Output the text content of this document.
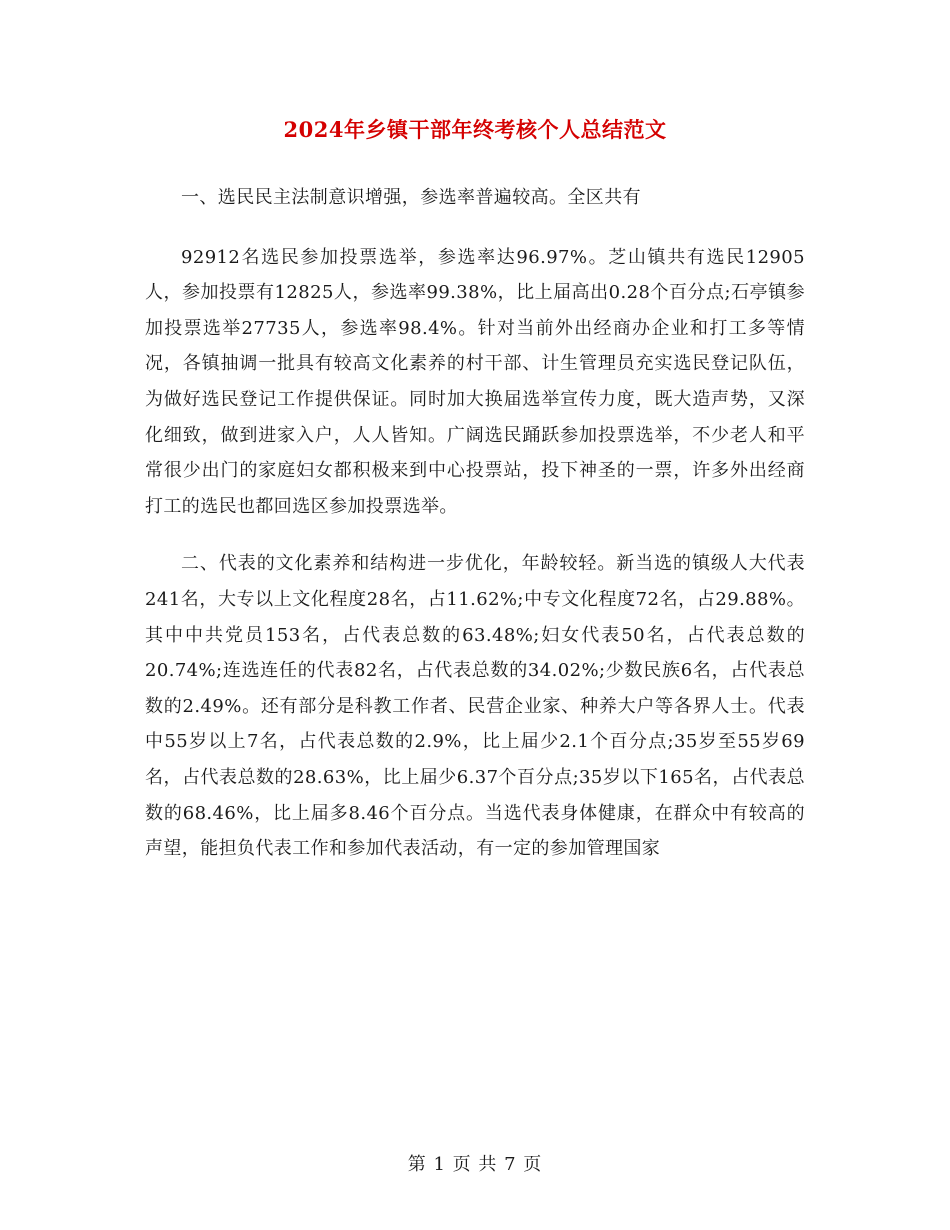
2024年乡镇干部年终考核个人总结范文

一、选民民主法制意识增强，参选率普遍较高。全区共有

92912名选民参加投票选举，参选率达96.97%。芝山镇共有选民12905人，参加投票有12825人，参选率99.38%，比上届高出0.28个百分点;石亭镇参加投票选举27735人，参选率98.4%。针对当前外出经商办企业和打工多等情况，各镇抽调一批具有较高文化素养的村干部、计生管理员充实选民登记队伍，为做好选民登记工作提供保证。同时加大换届选举宣传力度，既大造声势，又深化细致，做到进家入户，人人皆知。广阔选民踊跃参加投票选举，不少老人和平常很少出门的家庭妇女都积极来到中心投票站，投下神圣的一票，许多外出经商打工的选民也都回选区参加投票选举。

二、代表的文化素养和结构进一步优化，年龄较轻。新当选的镇级人大代表241名，大专以上文化程度28名，占11.62%;中专文化程度72名，占29.88%。其中中共党员153名，占代表总数的63.48%;妇女代表50名，占代表总数的20.74%;连选连任的代表82名，占代表总数的34.02%;少数民族6名，占代表总数的2.49%。还有部分是科教工作者、民营企业家、种养大户等各界人士。代表中55岁以上7名，占代表总数的2.9%，比上届少2.1个百分点;35岁至55岁69名，占代表总数的28.63%，比上届少6.37个百分点;35岁以下165名，占代表总数的68.46%，比上届多8.46个百分点。当选代表身体健康，在群众中有较高的声望，能担负代表工作和参加代表活动，有一定的参加管理国家

第 1 页 共 7 页
